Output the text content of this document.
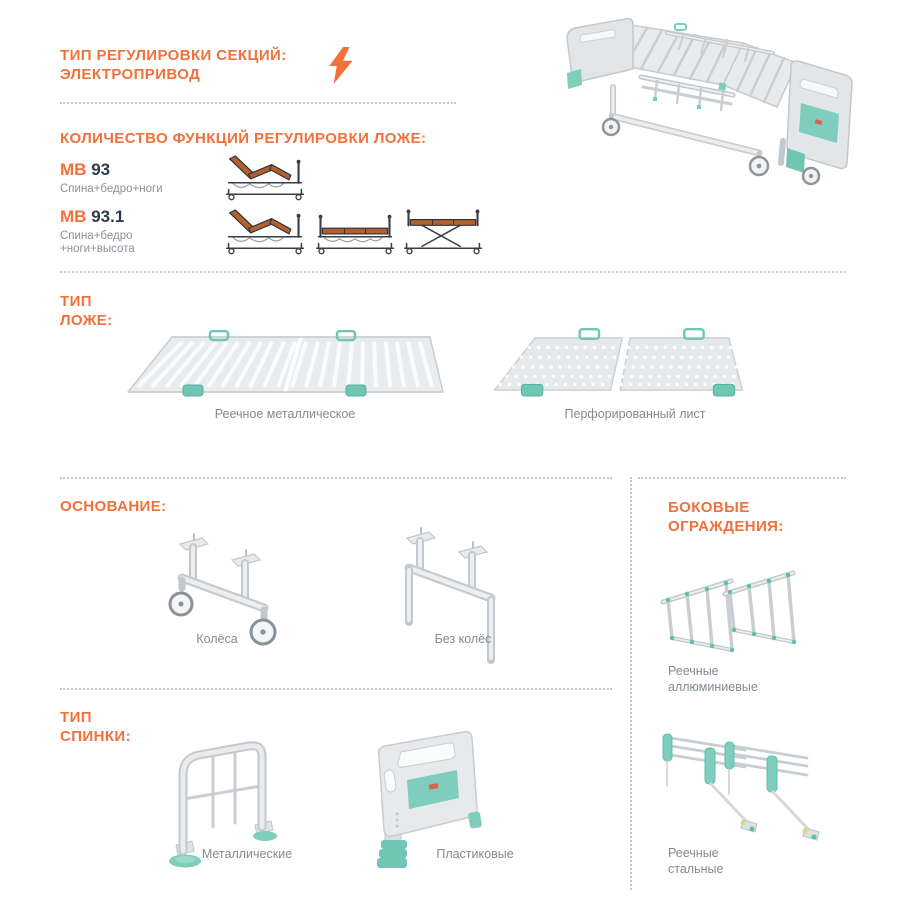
ТИП РЕГУЛИРОВКИ СЕКЦИЙ:
ЭЛЕКТРОПРИВОД
КОЛИЧЕСТВО ФУНКЦИЙ РЕГУЛИРОВКИ ЛОЖЕ:
МВ 93
Спина+бедро+ноги
МВ 93.1
Спина+бедро
+ноги+высота
ТИП
ЛОЖЕ:
Реечное металлическое	Перфорированный лист
ОСНОВАНИЕ:
Колёса	Без колёс
ТИП
СПИНКИ:
Металлические	Пластиковые
БОКОВЫЕ
ОГРАЖДЕНИЯ:
Реечные
аллюминиевые
Реечные
стальные
